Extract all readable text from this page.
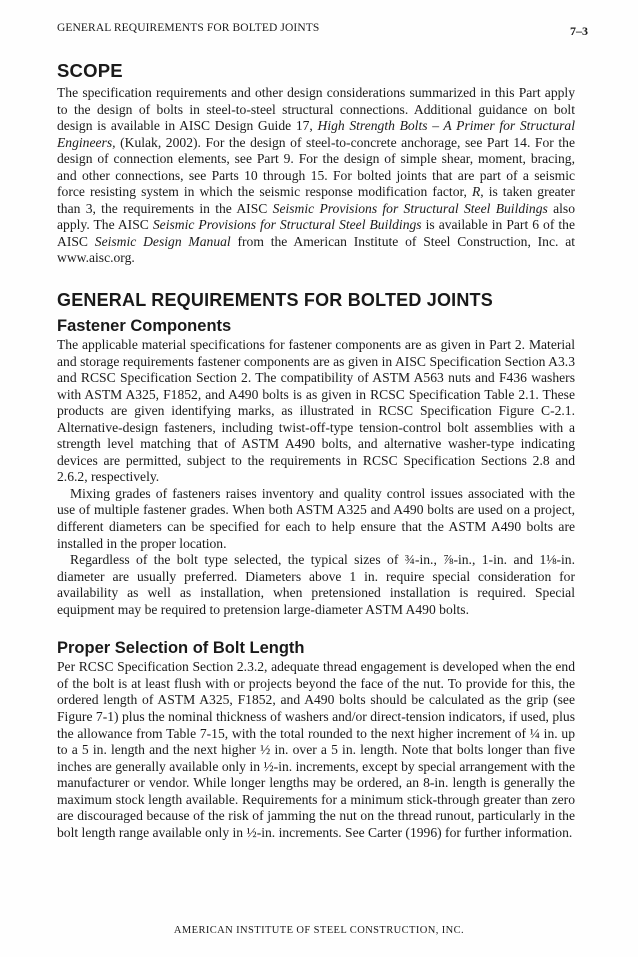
GENERAL REQUIREMENTS FOR BOLTED JOINTS	7–3
SCOPE

The specification requirements and other design considerations summarized in this Part apply to the design of bolts in steel-to-steel structural connections. Additional guidance on bolt design is available in AISC Design Guide 17, High Strength Bolts – A Primer for Structural Engineers, (Kulak, 2002). For the design of steel-to-concrete anchorage, see Part 14. For the design of connection elements, see Part 9. For the design of simple shear, moment, bracing, and other connections, see Parts 10 through 15. For bolted joints that are part of a seismic force resisting system in which the seismic response modification factor, R, is taken greater than 3, the requirements in the AISC Seismic Provisions for Structural Steel Buildings also apply. The AISC Seismic Provisions for Structural Steel Buildings is available in Part 6 of the AISC Seismic Design Manual from the American Institute of Steel Construction, Inc. at www.aisc.org.

GENERAL REQUIREMENTS FOR BOLTED JOINTS
Fastener Components

The applicable material specifications for fastener components are as given in Part 2. Material and storage requirements fastener components are as given in AISC Specification Section A3.3 and RCSC Specification Section 2. The compatibility of ASTM A563 nuts and F436 washers with ASTM A325, F1852, and A490 bolts is as given in RCSC Specification Table 2.1. These products are given identifying marks, as illustrated in RCSC Specification Figure C-2.1. Alternative-design fasteners, including twist-off-type tension-control bolt assemblies with a strength level matching that of ASTM A490 bolts, and alternative washer-type indicating devices are permitted, subject to the requirements in RCSC Specification Sections 2.8 and 2.6.2, respectively.

Mixing grades of fasteners raises inventory and quality control issues associated with the use of multiple fastener grades. When both ASTM A325 and A490 bolts are used on a project, different diameters can be specified for each to help ensure that the ASTM A490 bolts are installed in the proper location.

Regardless of the bolt type selected, the typical sizes of ¾-in., ⅞-in., 1-in. and 1⅛-in. diameter are usually preferred. Diameters above 1 in. require special consideration for availability as well as installation, when pretensioned installation is required. Special equipment may be required to pretension large-diameter ASTM A490 bolts.

Proper Selection of Bolt Length

Per RCSC Specification Section 2.3.2, adequate thread engagement is developed when the end of the bolt is at least flush with or projects beyond the face of the nut. To provide for this, the ordered length of ASTM A325, F1852, and A490 bolts should be calculated as the grip (see Figure 7-1) plus the nominal thickness of washers and/or direct-tension indicators, if used, plus the allowance from Table 7-15, with the total rounded to the next higher increment of ¼ in. up to a 5 in. length and the next higher ½ in. over a 5 in. length. Note that bolts longer than five inches are generally available only in ½-in. increments, except by special arrangement with the manufacturer or vendor. While longer lengths may be ordered, an 8-in. length is generally the maximum stock length available. Requirements for a minimum stick-through greater than zero are discouraged because of the risk of jamming the nut on the thread runout, particularly in the bolt length range available only in ½-in. increments. See Carter (1996) for further information.

AMERICAN INSTITUTE OF STEEL CONSTRUCTION, INC.
